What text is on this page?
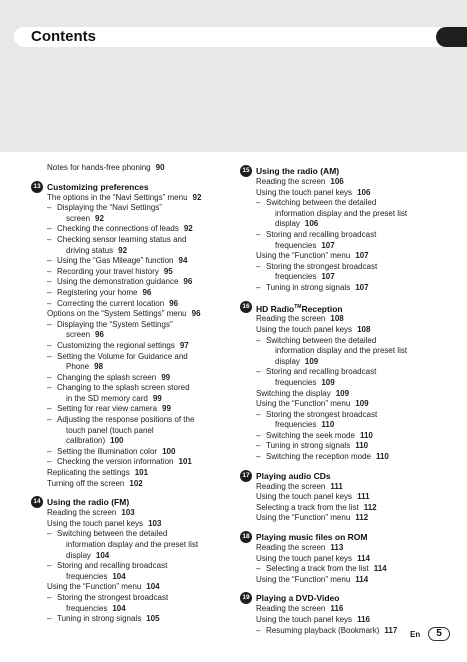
Contents
Notes for hands-free phoning 90
13 Customizing preferences
The options in the “Navi Settings” menu 92
– Displaying the “Navi Settings”
screen 92
– Checking the connections of leads 92
– Checking sensor learning status and
driving status 92
– Using the “Gas Mileage” function 94
– Recording your travel history 95
– Using the demonstration guidance 96
– Registering your home 96
– Correcting the current location 96
Options on the “System Settings” menu 96
– Displaying the “System Settings”
screen 96
– Customizing the regional settings 97
– Setting the Volume for Guidance and
Phone 98
– Changing the splash screen 99
– Changing to the splash screen stored
in the SD memory card 99
– Setting for rear view camera 99
– Adjusting the response positions of the
touch panel (touch panel
calibration) 100
– Setting the illumination color 100
– Checking the version information 101
Replicating the settings 101
Turning off the screen 102
14 Using the radio (FM)
Reading the screen 103
Using the touch panel keys 103
– Switching between the detailed
information display and the preset list
display 104
– Storing and recalling broadcast
frequencies 104
Using the “Function” menu 104
– Storing the strongest broadcast
frequencies 104
– Tuning in strong signals 105
15 Using the radio (AM)
Reading the screen 106
Using the touch panel keys 106
– Switching between the detailed
information display and the preset list
display 106
– Storing and recalling broadcast
frequencies 107
Using the “Function” menu 107
– Storing the strongest broadcast
frequencies 107
– Tuning in strong signals 107
16 HD Radio™Reception
Reading the screen 108
Using the touch panel keys 108
– Switching between the detailed
information display and the preset list
display 109
– Storing and recalling broadcast
frequencies 109
Switching the display 109
Using the “Function” menu 109
– Storing the strongest broadcast
frequencies 110
– Switching the seek mode 110
– Tuning in strong signals 110
– Switching the reception mode 110
17 Playing audio CDs
Reading the screen 111
Using the touch panel keys 111
Selecting a track from the list 112
Using the “Function” menu 112
18 Playing music files on ROM
Reading the screen 113
Using the touch panel keys 114
– Selecting a track from the list 114
Using the “Function” menu 114
19 Playing a DVD-Video
Reading the screen 116
Using the touch panel keys 116
– Resuming playback (Bookmark) 117	En	5
